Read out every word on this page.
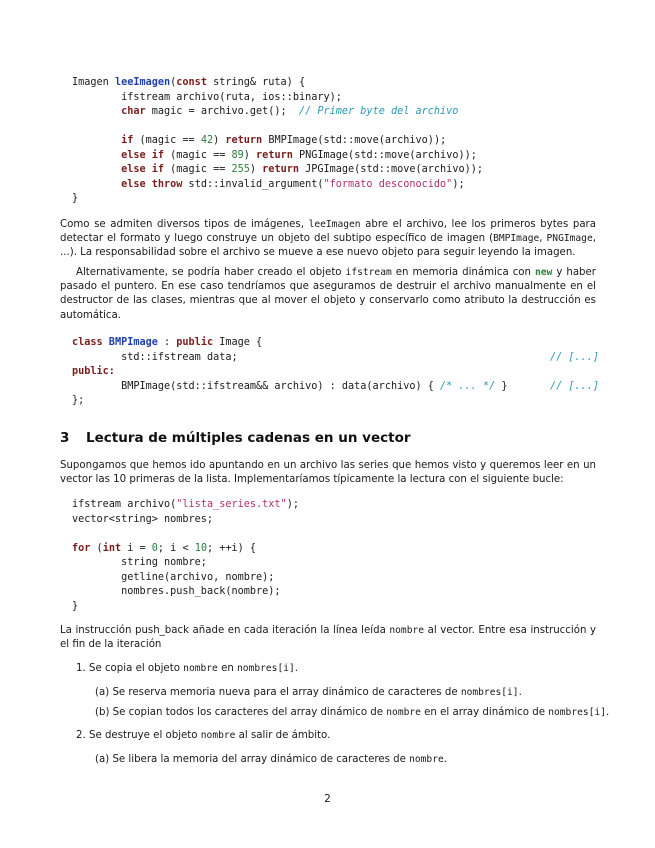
Imagen leeImagen(const string& ruta) {
ifstream archivo(ruta, ios::binary);
char magic = archivo.get();  // Primer byte del archivo

if (magic == 42) return BMPImage(std::move(archivo));
else if (magic == 89) return PNGImage(std::move(archivo));
else if (magic == 255) return JPGImage(std::move(archivo));
else throw std::invalid_argument("formato desconocido");
}
Como se admiten diversos tipos de imágenes, leeImagen abre el archivo, lee los primeros bytes para detectar el formato y luego construye un objeto del subtipo específico de imagen (BMPImage, PNGImage, ...). La responsabilidad sobre el archivo se mueve a ese nuevo objeto para seguir leyendo la imagen.
Alternativamente, se podría haber creado el objeto ifstream en memoria dinámica con new y haber pasado el puntero. En ese caso tendríamos que aseguramos de destruir el archivo manualmente en el destructor de las clases, mientras que al mover el objeto y conservarlo como atributo la destrucción es automática.
class BMPImage : public Image {
std::ifstream data;
public:
BMPImage(std::ifstream&& archivo) : data(archivo) { /* ... */ }
};
// [...]
// [...]
3 Lectura de múltiples cadenas en un vector
Supongamos que hemos ido apuntando en un archivo las series que hemos visto y queremos leer en un vector las 10 primeras de la lista. Implementaríamos típicamente la lectura con el siguiente bucle:
ifstream archivo("lista_series.txt");
vector<string> nombres;

for (int i = 0; i < 10; ++i) {
string nombre;
getline(archivo, nombre);
nombres.push_back(nombre);
}
La instrucción push_back añade en cada iteración la línea leída nombre al vector. Entre esa instrucción y el fin de la iteración
1. Se copia el objeto nombre en nombres[i].
(a) Se reserva memoria nueva para el array dinámico de caracteres de nombres[i].
(b) Se copian todos los caracteres del array dinámico de nombre en el array dinámico de nombres[i].
2. Se destruye el objeto nombre al salir de ámbito.
(a) Se libera la memoria del array dinámico de caracteres de nombre.
2
